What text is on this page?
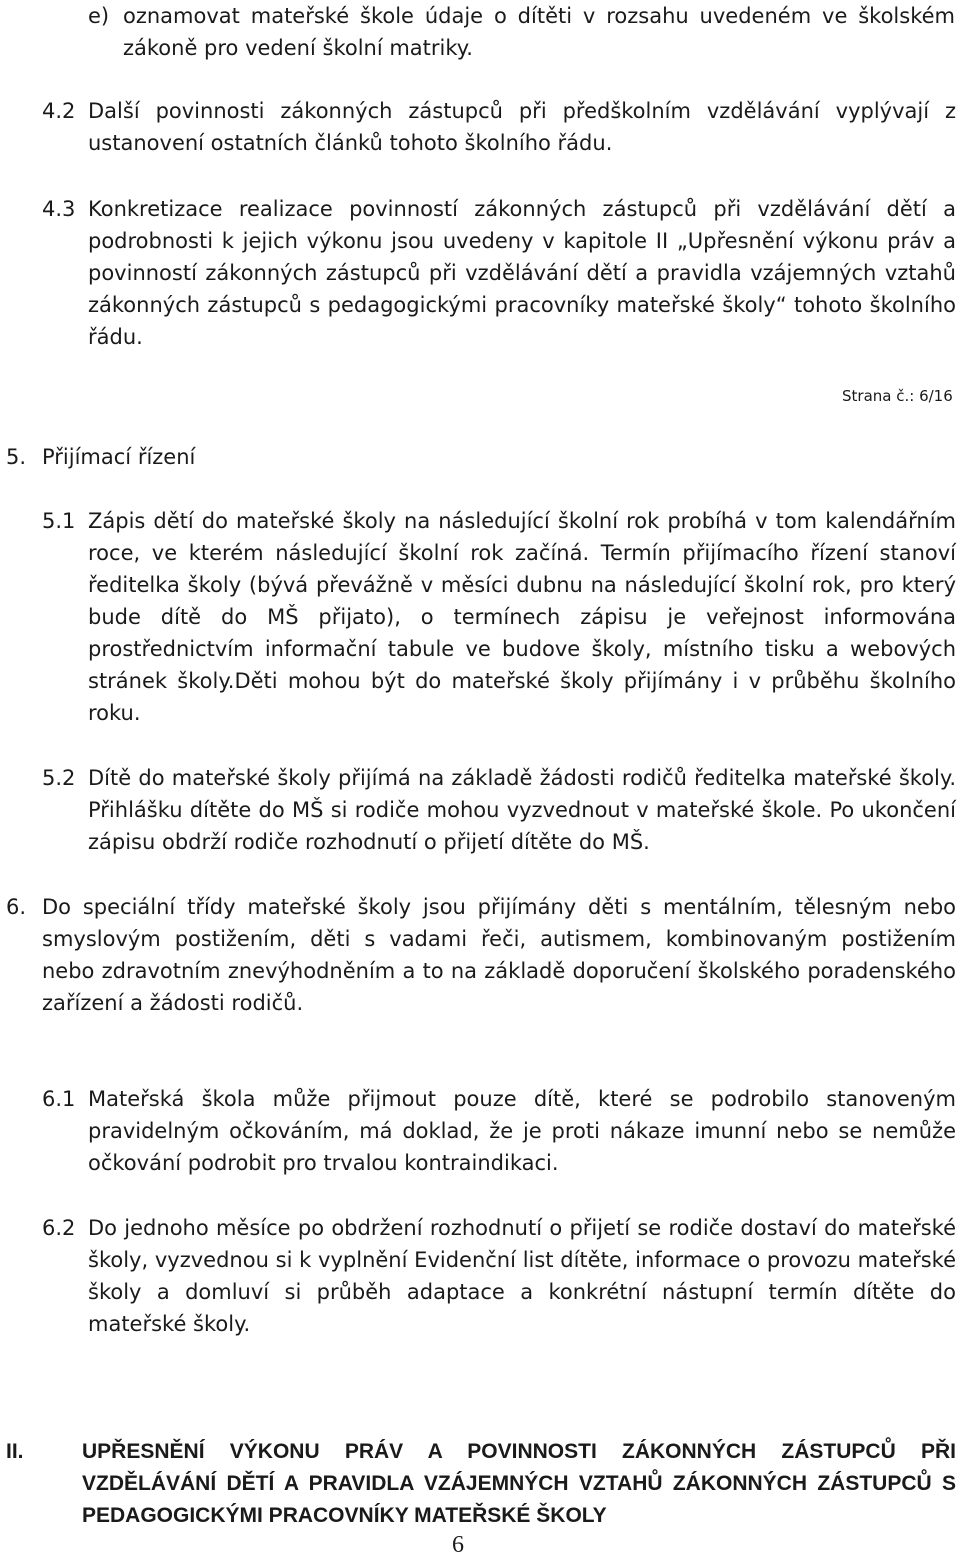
e) oznamovat mateřské škole údaje o dítěti v rozsahu uvedeném ve školském zákoně pro vedení školní matriky.
4.2 Další povinnosti zákonných zástupců při předškolním vzdělávání vyplývají z ustanovení ostatních článků tohoto školního řádu.
4.3 Konkretizace realizace povinností zákonných zástupců při vzdělávání dětí a podrobnosti k jejich výkonu jsou uvedeny v kapitole II „Upřesnění výkonu práv a povinností zákonných zástupců při vzdělávání dětí a pravidla vzájemných vztahů zákonných zástupců s pedagogickými pracovníky mateřské školy“ tohoto školního řádu.
Strana č.: 6/16
5. Přijímací řízení
5.1 Zápis dětí do mateřské školy na následující školní rok probíhá v tom kalendářním roce, ve kterém následující školní rok začíná. Termín přijímacího řízení stanoví ředitelka školy (bývá převážně v měsíci dubnu na následující školní rok, pro který bude dítě do MŠ přijato), o termínech zápisu je veřejnost informována prostřednictvím informační tabule ve budove školy, místního tisku a webových stránek školy.Děti mohou být do mateřské školy přijímány i v průběhu školního roku.
5.2 Dítě do mateřské školy přijímá na základě žádosti rodičů ředitelka mateřské školy. Přihlášku dítěte do MŠ si rodiče mohou vyzvednout v mateřské škole. Po ukončení zápisu obdrží rodiče rozhodnutí o přijetí dítěte do MŠ.
6. Do speciální třídy mateřské školy jsou přijímány děti s mentálním, tělesným nebo smyslovým postižením, děti s vadami řeči, autismem, kombinovaným postižením nebo zdravotním znevýhodněním a to na základě doporučení školského poradenského zařízení a žádosti rodičů.
6.1 Mateřská škola může přijmout pouze dítě, které se podrobilo stanoveným pravidelným očkováním, má doklad, že je proti nákaze imunní nebo se nemůže očkování podrobit pro trvalou kontraindikaci.
6.2 Do jednoho měsíce po obdržení rozhodnutí o přijetí se rodiče dostaví do mateřské školy, vyzvednou si k vyplnění Evidenční list dítěte, informace o provozu mateřské školy a domluví si průběh adaptace a konkrétní nástupní termín dítěte do mateřské školy.
II.	UPŘESNĚNÍ VÝKONU PRÁV A POVINNOSTI ZÁKONNÝCH ZÁSTUPCŮ PŘI VZDĚLÁVÁNÍ DĚTÍ A PRAVIDLA VZÁJEMNÝCH VZTAHŮ ZÁKONNÝCH ZÁSTUPCŮ S PEDAGOGICKÝMI PRACOVNÍKY MATEŘSKÉ ŠKOLY
6
